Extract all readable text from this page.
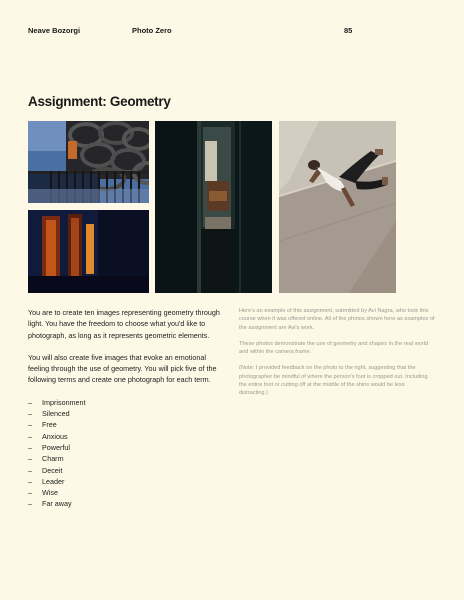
Neave Bozorgi	Photo Zero	85
Assignment: Geometry

You are to create ten images representing geometry through light. You have the freedom to choose what you'd like to photograph, as long as it represents geometric elements.

You will also create five images that evoke an emotional feeling through the use of geometry. You will pick five of the following terms and create one photograph for each term.

– Imprisonment
– Silenced
– Free
– Anxious
– Powerful
– Charm
– Deceit
– Leader
– Wise
– Far away

Here's an example of this assignment, submitted by Avi Nagra, who took this course when it was offered online. All of the photos shown here as examples of the assignment are Avi's work.

These photos demonstrate the use of geometry and shapes in the real world and within the camera frame.

(Note: I provided feedback on the photo to the right, suggesting that the photographer be mindful of where the person's foot is cropped out. Including the entire foot or cutting off at the middle of the shins would be less distracting.)
